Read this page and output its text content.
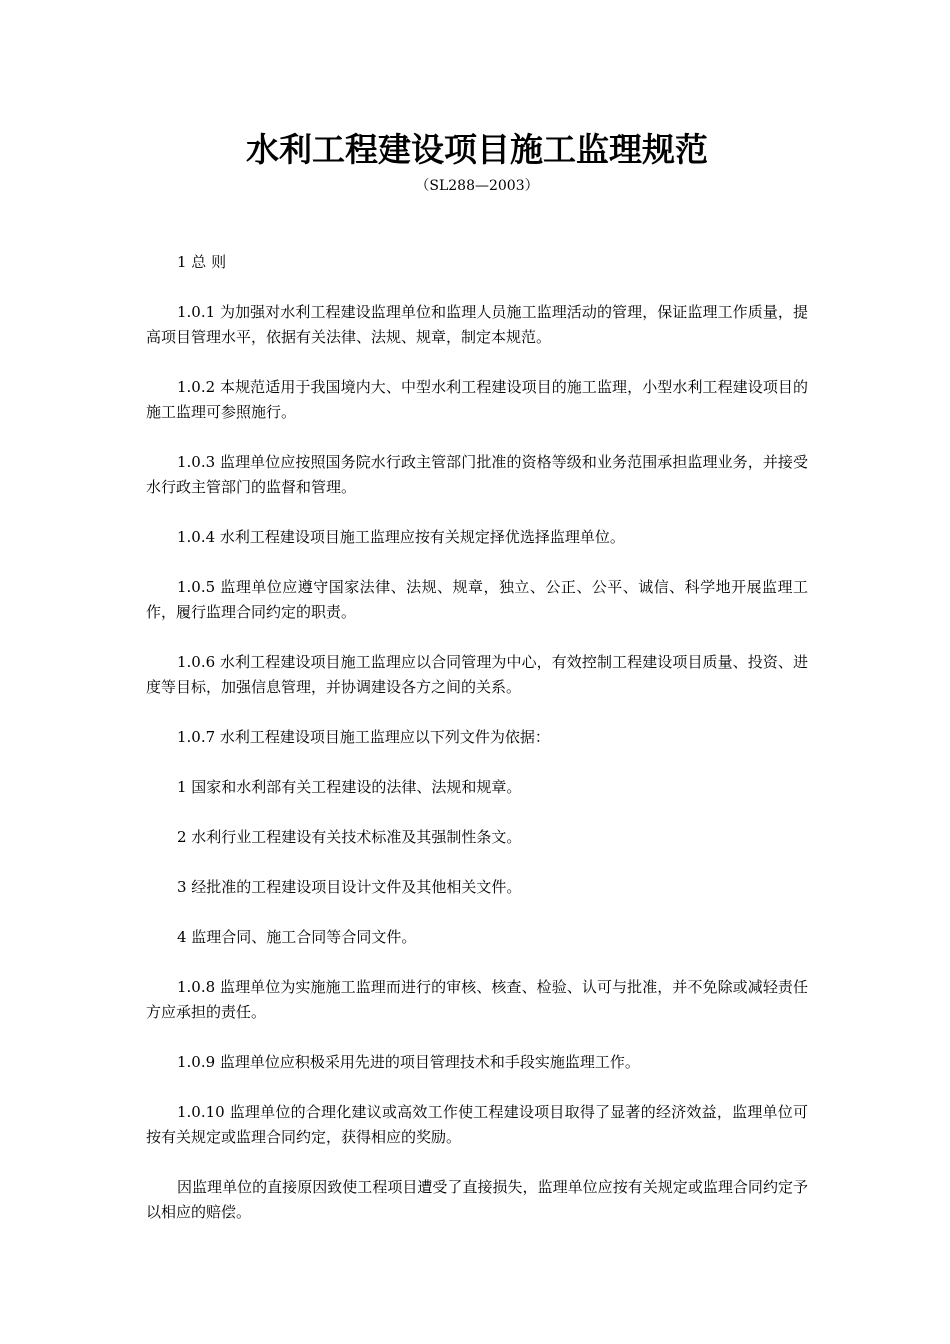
水利工程建设项目施工监理规范
（SL288—2003）

1 总 则

1.0.1 为加强对水利工程建设监理单位和监理人员施工监理活动的管理，保证监理工作质量，提高项目管理水平，依据有关法律、法规、规章，制定本规范。

1.0.2 本规范适用于我国境内大、中型水利工程建设项目的施工监理，小型水利工程建设项目的施工监理可参照施行。

1.0.3 监理单位应按照国务院水行政主管部门批准的资格等级和业务范围承担监理业务，并接受水行政主管部门的监督和管理。

1.0.4 水利工程建设项目施工监理应按有关规定择优选择监理单位。

1.0.5 监理单位应遵守国家法律、法规、规章，独立、公正、公平、诚信、科学地开展监理工作，履行监理合同约定的职责。

1.0.6 水利工程建设项目施工监理应以合同管理为中心，有效控制工程建设项目质量、投资、进度等目标，加强信息管理，并协调建设各方之间的关系。

1.0.7 水利工程建设项目施工监理应以下列文件为依据：

1 国家和水利部有关工程建设的法律、法规和规章。

2 水利行业工程建设有关技术标准及其强制性条文。

3 经批准的工程建设项目设计文件及其他相关文件。

4 监理合同、施工合同等合同文件。

1.0.8 监理单位为实施施工监理而进行的审核、核查、检验、认可与批准，并不免除或减轻责任方应承担的责任。

1.0.9 监理单位应积极采用先进的项目管理技术和手段实施监理工作。

1.0.10 监理单位的合理化建议或高效工作使工程建设项目取得了显著的经济效益，监理单位可按有关规定或监理合同约定，获得相应的奖励。

因监理单位的直接原因致使工程项目遭受了直接损失，监理单位应按有关规定或监理合同约定予以相应的赔偿。
